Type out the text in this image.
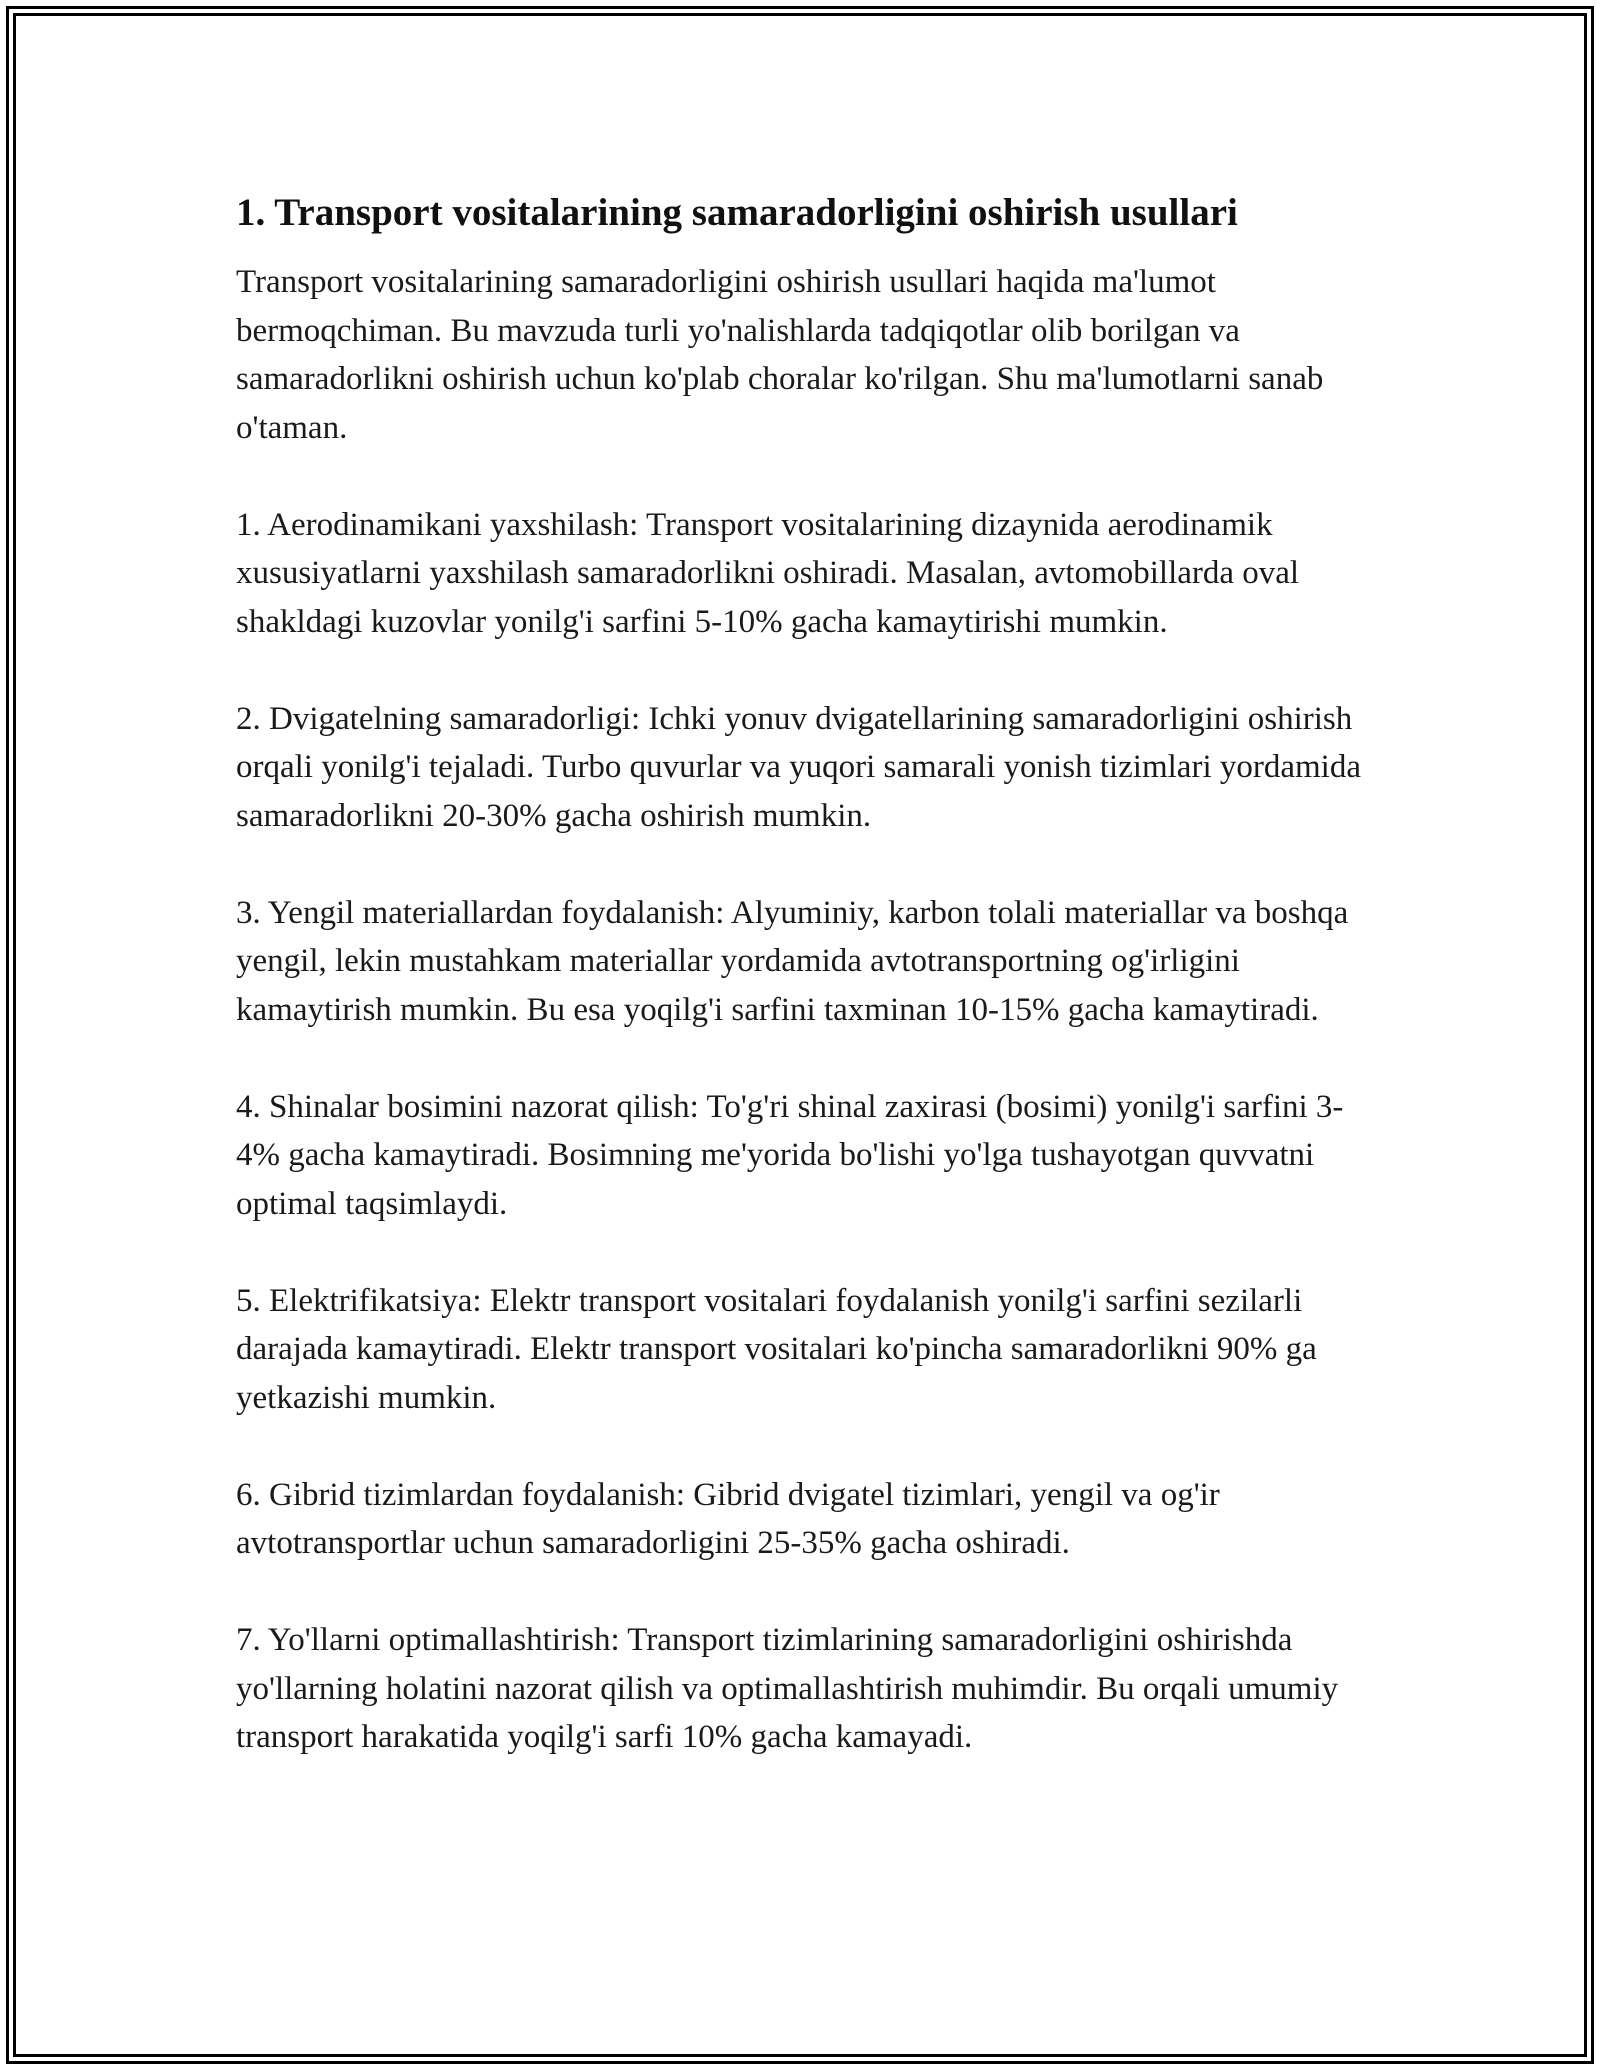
1. Transport vositalarining samaradorligini oshirish usullari

Transport vositalarining samaradorligini oshirish usullari haqida ma'lumot bermoqchiman. Bu mavzuda turli yo'nalishlarda tadqiqotlar olib borilgan va samaradorlikni oshirish uchun ko'plab choralar ko'rilgan. Shu ma'lumotlarni sanab o'taman.

1. Aerodinamikani yaxshilash: Transport vositalarining dizaynida aerodinamik xususiyatlarni yaxshilash samaradorlikni oshiradi. Masalan, avtomobillarda oval shakldagi kuzovlar yonilg'i sarfini 5-10% gacha kamaytirishi mumkin.

2. Dvigatelning samaradorligi: Ichki yonuv dvigatellarining samaradorligini oshirish orqali yonilg'i tejaladi. Turbo quvurlar va yuqori samarali yonish tizimlari yordamida samaradorlikni 20-30% gacha oshirish mumkin.

3. Yengil materiallardan foydalanish: Alyuminiy, karbon tolali materiallar va boshqa yengil, lekin mustahkam materiallar yordamida avtotransportning og'irligini kamaytirish mumkin. Bu esa yoqilg'i sarfini taxminan 10-15% gacha kamaytiradi.

4. Shinalar bosimini nazorat qilish: To'g'ri shinal zaxirasi (bosimi) yonilg'i sarfini 3-4% gacha kamaytiradi. Bosimning me'yorida bo'lishi yo'lga tushayotgan quvvatni optimal taqsimlaydi.

5. Elektrifikatsiya: Elektr transport vositalari foydalanish yonilg'i sarfini sezilarli darajada kamaytiradi. Elektr transport vositalari ko'pincha samaradorlikni 90% ga yetkazishi mumkin.

6. Gibrid tizimlardan foydalanish: Gibrid dvigatel tizimlari, yengil va og'ir avtotransportlar uchun samaradorligini 25-35% gacha oshiradi.

7. Yo'llarni optimallashtirish: Transport tizimlarining samaradorligini oshirishda yo'llarning holatini nazorat qilish va optimallashtirish muhimdir. Bu orqali umumiy transport harakatida yoqilg'i sarfi 10% gacha kamayadi.
